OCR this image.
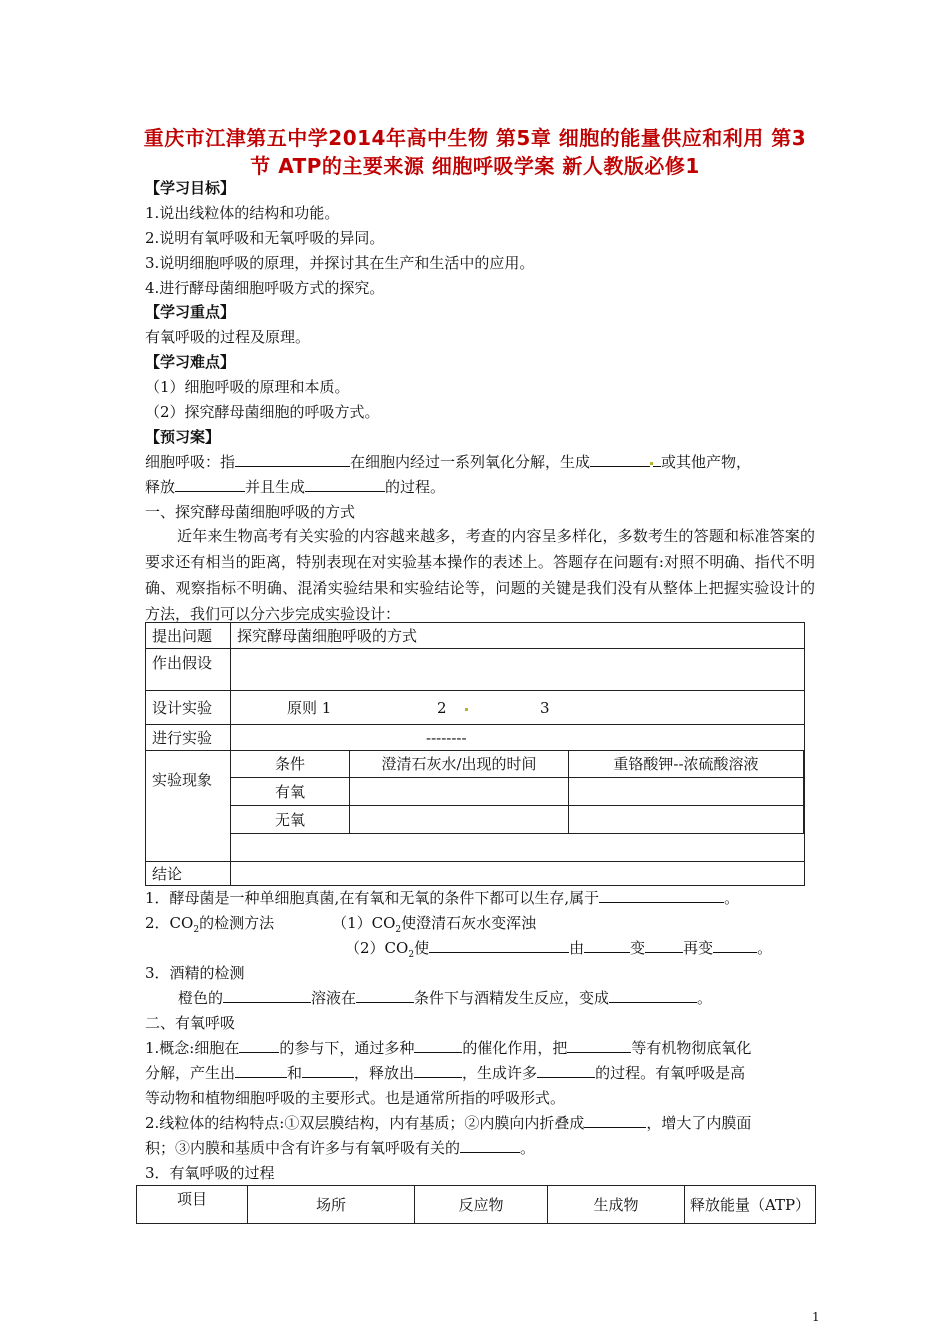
重庆市江津第五中学2014年高中生物 第5章 细胞的能量供应和利用 第3节 ATP的主要来源 细胞呼吸学案 新人教版必修1
【学习目标】
1.说出线粒体的结构和功能。
2.说明有氧呼吸和无氧呼吸的异同。
3.说明细胞呼吸的原理，并探讨其在生产和生活中的应用。
4.进行酵母菌细胞呼吸方式的探究。
【学习重点】
有氧呼吸的过程及原理。
【学习难点】
（1）细胞呼吸的原理和本质。
（2）探究酵母菌细胞的呼吸方式。
【预习案】
细胞呼吸：指	在细胞内经过一系列氧化分解，生成	或其他产物，
释放	并且生成	的过程。
一、探究酵母菌细胞呼吸的方式
近年来生物高考有关实验的内容越来越多，考查的内容呈多样化，多数考生的答题和标准答案的要求还有相当的距离，特别表现在对实验基本操作的表述上。答题存在问题有:对照不明确、指代不明确、观察指标不明确、混淆实验结果和实验结论等，问题的关键是我们没有从整体上把握实验设计的方法，我们可以分六步完成实验设计：
提出问题	探究酵母菌细胞呼吸的方式
作出假设	
设计实验	原则 1	2	3
进行实验	--------
实验现象	
条件	澄清石灰水/出现的时间	重铬酸钾--浓硫酸溶液
有氧		
无氧		

结论	
1．酵母菌是一种单细胞真菌,在有氧和无氧的条件下都可以生存,属于	。
2．$CO_2$的检测方法	$(1)CO_2$使澄清石灰水变浑浊
$(2)CO_2$使	由	变	再变	。
3．酒精的检测
橙色的	溶液在	条件下与酒精发生反应，变成	。
二、有氧呼吸
1.概念:细胞在	的参与下，通过多种	的催化作用，把	等有机物彻底氧化
分解，产生出	和	，释放出	，生成许多	的过程。有氧呼吸是高
等动物和植物细胞呼吸的主要形式。也是通常所指的呼吸形式。
2.线粒体的结构特点:①双层膜结构，内有基质；②内膜向内折叠成	，增大了内膜面
积；③内膜和基质中含有许多与有氧呼吸有关的	。
3．有氧呼吸的过程
项目	场所	反应物	生成物	释放能量（ATP）
1
